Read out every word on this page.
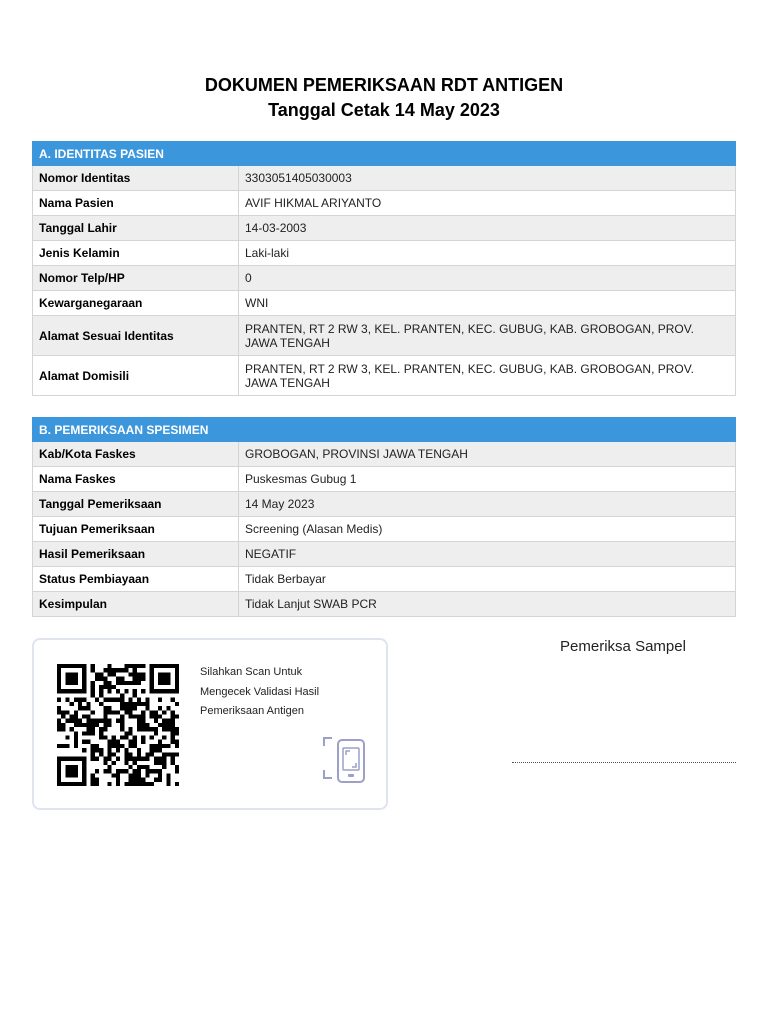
DOKUMEN PEMERIKSAAN RDT ANTIGEN
Tanggal Cetak 14 May 2023
A. IDENTITAS PASIEN	
Nomor Identitas	3303051405030003
Nama Pasien	AVIF HIKMAL ARIYANTO
Tanggal Lahir	14-03-2003
Jenis Kelamin	Laki-laki
Nomor Telp/HP	0
Kewarganegaraan	WNI
Alamat Sesuai Identitas	PRANTEN, RT 2 RW 3, KEL. PRANTEN, KEC. GUBUG, KAB. GROBOGAN, PROV. JAWA TENGAH
Alamat Domisili	PRANTEN, RT 2 RW 3, KEL. PRANTEN, KEC. GUBUG, KAB. GROBOGAN, PROV. JAWA TENGAH
B. PEMERIKSAAN SPESIMEN	
Kab/Kota Faskes	GROBOGAN, PROVINSI JAWA TENGAH
Nama Faskes	Puskesmas Gubug 1
Tanggal Pemeriksaan	14 May 2023
Tujuan Pemeriksaan	Screening (Alasan Medis)
Hasil Pemeriksaan	NEGATIF
Status Pembiayaan	Tidak Berbayar
Kesimpulan	Tidak Lanjut SWAB PCR
Silahkan Scan Untuk
Mengecek Validasi Hasil
Pemeriksaan Antigen
Pemeriksa Sampel
